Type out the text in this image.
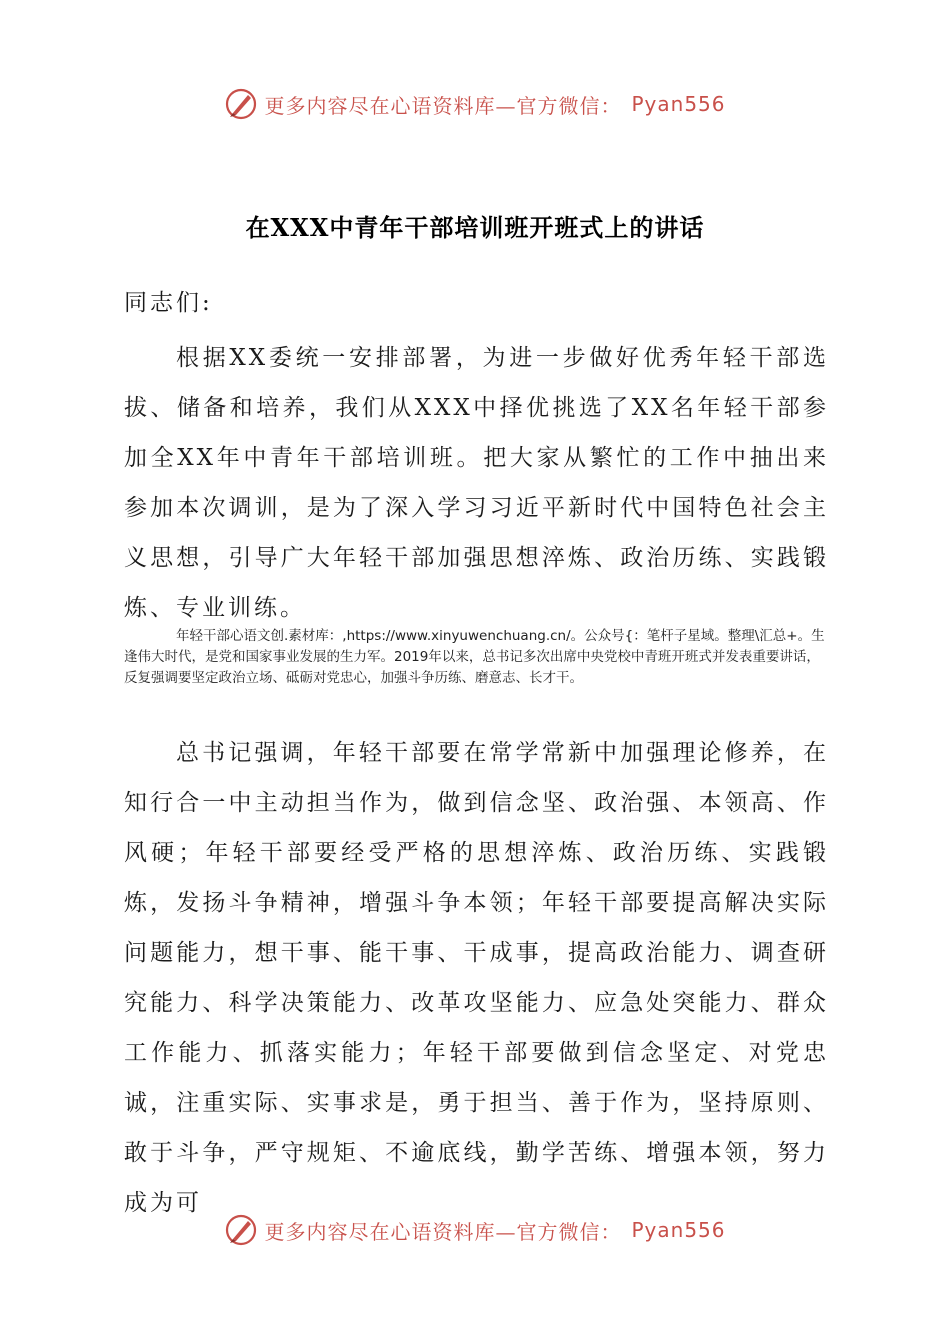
更多内容尽在心语资料库—官方微信： Pyan556
在XXX中青年干部培训班开班式上的讲话
同志们:

根据XX委统一安排部署，为进一步做好优秀年轻干部选拔、储备和培养，我们从XXX中择优挑选了XX名年轻干部参加全XX年中青年干部培训班。把大家从繁忙的工作中抽出来参加本次调训，是为了深入学习习近平新时代中国特色社会主义思想，引导广大年轻干部加强思想淬炼、政治历练、实践锻炼、专业训练。

年轻干部心语文创.素材库：,https://www.xinyuwenchuang.cn/。公众号{：笔杆子星域。整理\汇总+。生逢伟大时代，是党和国家事业发展的生力军。2019年以来，总书记多次出席中央党校中青班开班式并发表重要讲话，反复强调要坚定政治立场、砥砺对党忠心，加强斗争历练、磨意志、长才干。

总书记强调，年轻干部要在常学常新中加强理论修养，在知行合一中主动担当作为，做到信念坚、政治强、本领高、作风硬；年轻干部要经受严格的思想淬炼、政治历练、实践锻炼，发扬斗争精神，增强斗争本领；年轻干部要提高解决实际问题能力，想干事、能干事、干成事，提高政治能力、调查研究能力、科学决策能力、改革攻坚能力、应急处突能力、群众工作能力、抓落实能力；年轻干部要做到信念坚定、对党忠诚，注重实际、实事求是，勇于担当、善于作为，坚持原则、敢于斗争，严守规矩、不逾底线，勤学苦练、增强本领，努力成为可

更多内容尽在心语资料库—官方微信： Pyan556
